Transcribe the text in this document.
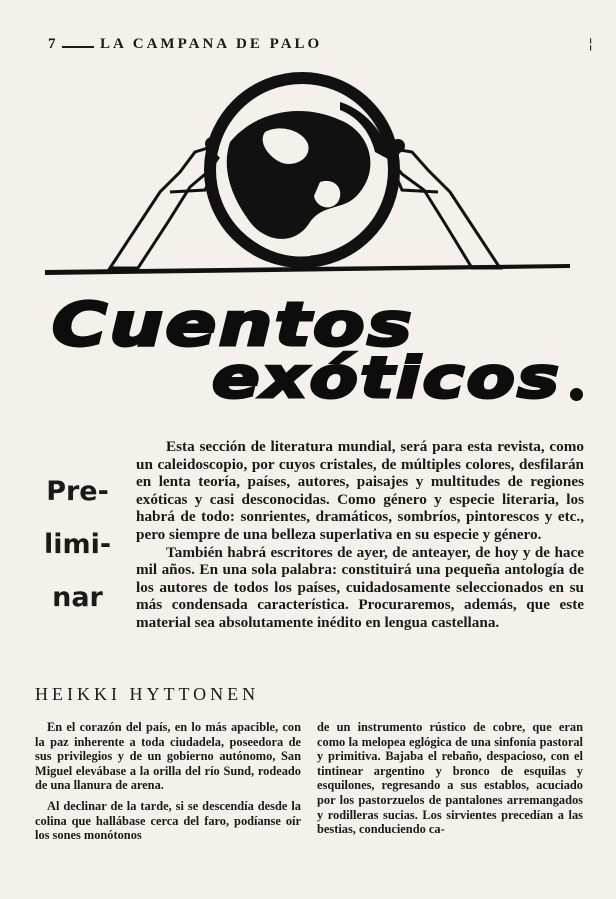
7	LA CAMPANA DE PALO	¦
Cuentos
exóticos
Pre-
limi-
nar

Esta sección de literatura mundial, será para esta revista, como un caleidoscopio, por cuyos cristales, de múltiples colores, desfilarán en lenta teoría, países, autores, paisajes y multitudes de regiones exóticas y casi desconocidas. Como género y especie literaria, los habrá de todo: sonrientes, dramáticos, sombríos, pintorescos y etc., pero siempre de una belleza superlativa en su especie y género.

También habrá escritores de ayer, de anteayer, de hoy y de hace mil años. En una sola palabra: constituirá una pequeña antología de los autores de todos los países, cuidadosamente seleccionados en su más condensada característica. Procuraremos, además, que este material sea absolutamente inédito en lengua castellana.

HEIKKI HYTTONEN

En el corazón del país, en lo más apacible, con la paz inherente a toda ciudadela, poseedora de sus privilegios y de un gobierno autónomo, San Miguel elevábase a la orilla del río Sund, rodeado de una llanura de arena.

Al declinar de la tarde, si se descendía desde la colina que hallábase cerca del faro, podíanse oír los sones monótonos

de un instrumento rústico de cobre, que eran como la melopea eglógica de una sinfonía pastoral y primitiva. Bajaba el rebaño, despacioso, con el tintinear argentino y bronco de esquilas y esquilones, regresando a sus establos, acuciado por los pastorzuelos de pantalones arremangados y rodilleras sucias. Los sirvientes precedían a las bestias, conduciendo ca-
